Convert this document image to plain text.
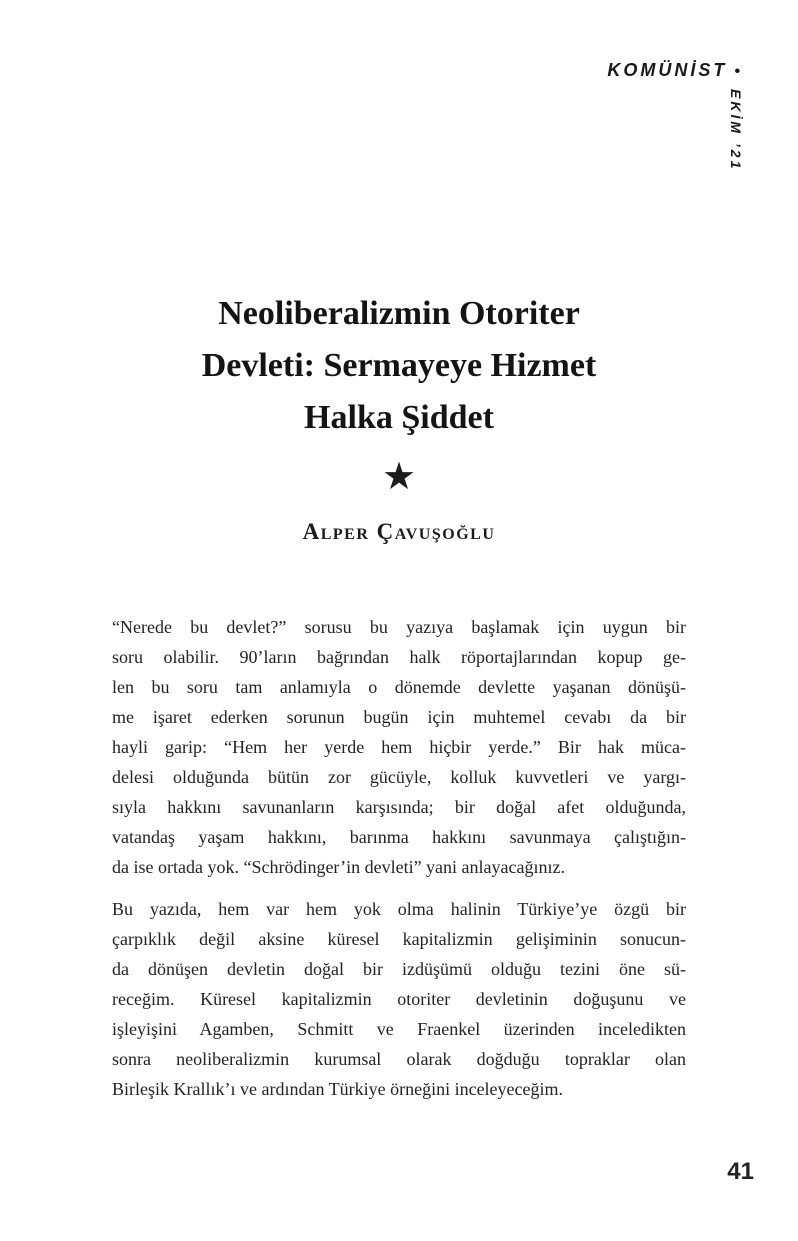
KOMÜNİST •
EKİM ’21
Neoliberalizmin Otoriter
Devleti: Sermayeye Hizmet
Halka Şiddet
★
Alper Çavuşoğlu

“Nerede bu devlet?” sorusu bu yazıya başlamak için uygun bir
soru olabilir. 90’ların bağrından halk röportajlarından kopup ge-
len bu soru tam anlamıyla o dönemde devlette yaşanan dönüşü-
me işaret ederken sorunun bugün için muhtemel cevabı da bir
hayli garip: “Hem her yerde hem hiçbir yerde.” Bir hak müca-
delesi olduğunda bütün zor gücüyle, kolluk kuvvetleri ve yargı-
sıyla hakkını savunanların karşısında; bir doğal afet olduğunda,
vatandaş yaşam hakkını, barınma hakkını savunmaya çalıştığın-
da ise ortada yok. “Schrödinger’in devleti” yani anlayacağınız.

Bu yazıda, hem var hem yok olma halinin Türkiye’ye özgü bir
çarpıklık değil aksine küresel kapitalizmin gelişiminin sonucun-
da dönüşen devletin doğal bir izdüşümü olduğu tezini öne sü-
receğim. Küresel kapitalizmin otoriter devletinin doğuşunu ve
işleyişini Agamben, Schmitt ve Fraenkel üzerinden inceledikten
sonra neoliberalizmin kurumsal olarak doğduğu topraklar olan
Birleşik Krallık’ı ve ardından Türkiye örneğini inceleyeceğim.

41
